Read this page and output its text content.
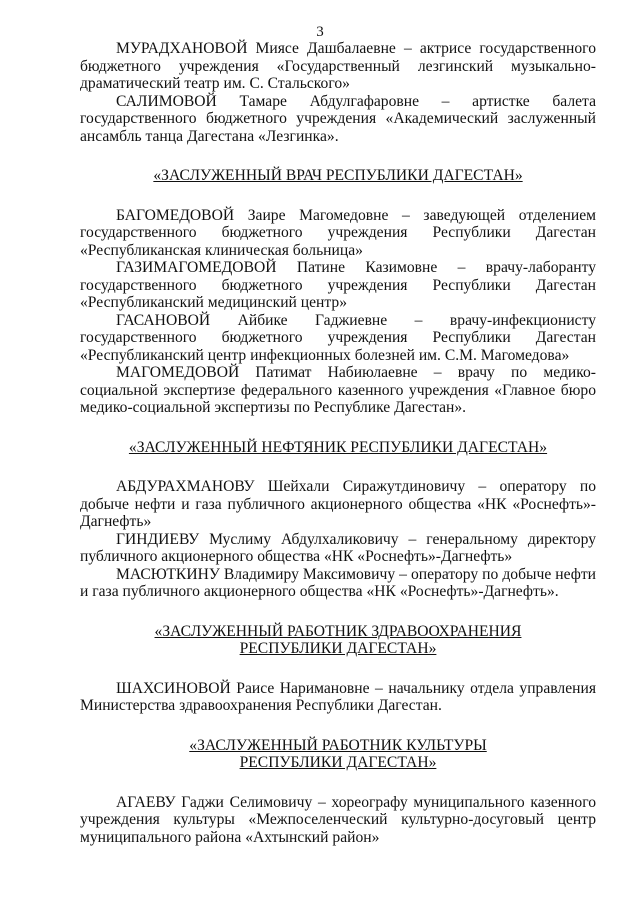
3

МУРАДХАНОВОЙ Миясе Дашбалаевне – актрисе государственного бюджетного учреждения «Государственный лезгинский музыкально-драматический театр им. С. Стальского»

САЛИМОВОЙ Тамаре Абдулгафаровне – артистке балета государственного бюджетного учреждения «Академический заслуженный ансамбль танца Дагестана «Лезгинка».

«ЗАСЛУЖЕННЫЙ ВРАЧ РЕСПУБЛИКИ ДАГЕСТАН»

БАГОМЕДОВОЙ Заире Магомедовне – заведующей отделением государственного бюджетного учреждения Республики Дагестан «Республиканская клиническая больница»

ГАЗИМАГОМЕДОВОЙ Патине Казимовне – врачу-лаборанту государственного бюджетного учреждения Республики Дагестан «Республиканский медицинский центр»

ГАСАНОВОЙ Айбике Гаджиевне – врачу-инфекционисту государственного бюджетного учреждения Республики Дагестан «Республиканский центр инфекционных болезней им. С.М. Магомедова»

МАГОМЕДОВОЙ Патимат Набиюлаевне – врачу по медико-социальной экспертизе федерального казенного учреждения «Главное бюро медико-социальной экспертизы по Республике Дагестан».

«ЗАСЛУЖЕННЫЙ НЕФТЯНИК РЕСПУБЛИКИ ДАГЕСТАН»

АБДУРАХМАНОВУ Шейхали Сиражутдиновичу – оператору по добыче нефти и газа публичного акционерного общества «НК «Роснефть»-Дагнефть»

ГИНДИЕВУ Муслиму Абдулхаликовичу – генеральному директору публичного акционерного общества «НК «Роснефть»-Дагнефть»

МАСЮТКИНУ Владимиру Максимовичу – оператору по добыче нефти и газа публичного акционерного общества «НК «Роснефть»-Дагнефть».

«ЗАСЛУЖЕННЫЙ РАБОТНИК ЗДРАВООХРАНЕНИЯ
РЕСПУБЛИКИ ДАГЕСТАН»

ШАХСИНОВОЙ Раисе Наримановне – начальнику отдела управления Министерства здравоохранения Республики Дагестан.

«ЗАСЛУЖЕННЫЙ РАБОТНИК КУЛЬТУРЫ
РЕСПУБЛИКИ ДАГЕСТАН»

АГАЕВУ Гаджи Селимовичу – хореографу муниципального казенного учреждения культуры «Межпоселенческий культурно-досуговый центр муниципального района «Ахтынский район»
